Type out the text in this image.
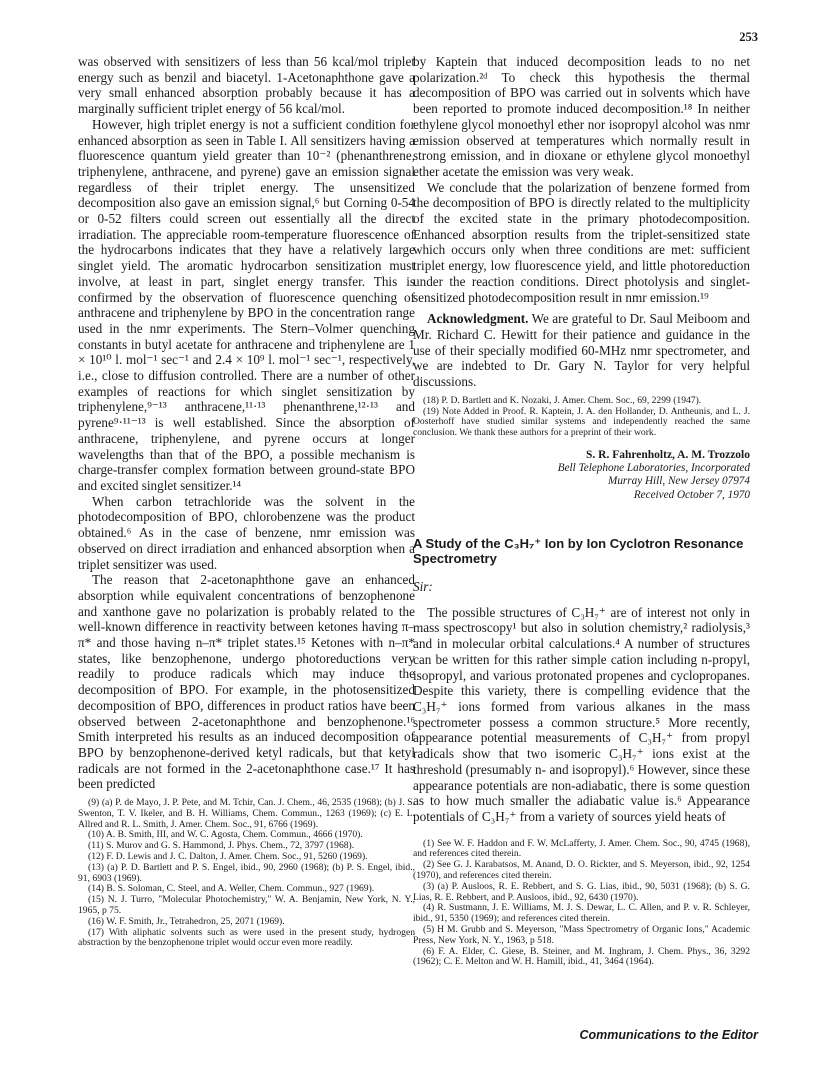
253

was observed with sensitizers of less than 56 kcal/mol triplet energy such as benzil and biacetyl. 1-Acetonaphthone gave a very small enhanced absorption probably because it has a marginally sufficient triplet energy of 56 kcal/mol.

However, high triplet energy is not a sufficient condition for enhanced absorption as seen in Table I. All sensitizers having a fluorescence quantum yield greater than 10⁻² (phenanthrene, triphenylene, anthracene, and pyrene) gave an emission signal regardless of their triplet energy. The unsensitized decomposition also gave an emission signal,⁶ but Corning 0-54 or 0-52 filters could screen out essentially all the direct irradiation. The appreciable room-temperature fluorescence of the hydrocarbons indicates that they have a relatively large singlet yield. The aromatic hydrocarbon sensitization must involve, at least in part, singlet energy transfer. This is confirmed by the observation of fluorescence quenching of anthracene and triphenylene by BPO in the concentration range used in the nmr experiments. The Stern–Volmer quenching constants in butyl acetate for anthracene and triphenylene are 1 × 10¹⁰ l. mol⁻¹ sec⁻¹ and 2.4 × 10⁹ l. mol⁻¹ sec⁻¹, respectively, i.e., close to diffusion controlled. There are a number of other examples of reactions for which singlet sensitization by triphenylene,⁹⁻¹³ anthracene,¹¹·¹³ phenanthrene,¹²·¹³ and pyrene⁹·¹¹⁻¹³ is well established. Since the absorption of anthracene, triphenylene, and pyrene occurs at longer wavelengths than that of the BPO, a possible mechanism is charge-transfer complex formation between ground-state BPO and excited singlet sensitizer.¹⁴

When carbon tetrachloride was the solvent in the photodecomposition of BPO, chlorobenzene was the product obtained.⁶ As in the case of benzene, nmr emission was observed on direct irradiation and enhanced absorption when a triplet sensitizer was used.

The reason that 2-acetonaphthone gave an enhanced absorption while equivalent concentrations of benzophenone and xanthone gave no polarization is probably related to the well-known difference in reactivity between ketones having π–π* and those having n–π* triplet states.¹⁵ Ketones with n–π* states, like benzophenone, undergo photoreductions very readily to produce radicals which may induce the decomposition of BPO. For example, in the photosensitized decomposition of BPO, differences in product ratios have been observed between 2-acetonaphthone and benzophenone.¹⁶ Smith interpreted his results as an induced decomposition of BPO by benzophenone-derived ketyl radicals, but that ketyl radicals are not formed in the 2-acetonaphthone case.¹⁷ It has been predicted

(9) (a) P. de Mayo, J. P. Pete, and M. Tchir, Can. J. Chem., 46, 2535 (1968); (b) J. S. Swenton, T. V. Ikeler, and B. H. Williams, Chem. Commun., 1263 (1969); (c) E. L. Allred and R. L. Smith, J. Amer. Chem. Soc., 91, 6766 (1969).

(10) A. B. Smith, III, and W. C. Agosta, Chem. Commun., 4666 (1970).

(11) S. Murov and G. S. Hammond, J. Phys. Chem., 72, 3797 (1968).

(12) F. D. Lewis and J. C. Dalton, J. Amer. Chem. Soc., 91, 5260 (1969).

(13) (a) P. D. Bartlett and P. S. Engel, ibid., 90, 2960 (1968); (b) P. S. Engel, ibid., 91, 6903 (1969).

(14) B. S. Soloman, C. Steel, and A. Weller, Chem. Commun., 927 (1969).

(15) N. J. Turro, "Molecular Photochemistry," W. A. Benjamin, New York, N. Y., 1965, p 75.

(16) W. F. Smith, Jr., Tetrahedron, 25, 2071 (1969).

(17) With aliphatic solvents such as were used in the present study, hydrogen abstraction by the benzophenone triplet would occur even more readily.

by Kaptein that induced decomposition leads to no net polarization.²ᵈ To check this hypothesis the thermal decomposition of BPO was carried out in solvents which have been reported to promote induced decomposition.¹⁸ In neither ethylene glycol monoethyl ether nor isopropyl alcohol was nmr emission observed at temperatures which normally result in strong emission, and in dioxane or ethylene glycol monoethyl ether acetate the emission was very weak.

We conclude that the polarization of benzene formed from the decomposition of BPO is directly related to the multiplicity of the excited state in the primary photodecomposition. Enhanced absorption results from the triplet-sensitized state which occurs only when three conditions are met: sufficient triplet energy, low fluorescence yield, and little photoreduction under the reaction conditions. Direct photolysis and singlet-sensitized photodecomposition result in nmr emission.¹⁹

Acknowledgment. We are grateful to Dr. Saul Meiboom and Mr. Richard C. Hewitt for their patience and guidance in the use of their specially modified 60-MHz nmr spectrometer, and we are indebted to Dr. Gary N. Taylor for very helpful discussions.

(18) P. D. Bartlett and K. Nozaki, J. Amer. Chem. Soc., 69, 2299 (1947).

(19) Note Added in Proof. R. Kaptein, J. A. den Hollander, D. Antheunis, and L. J. Oosterhoff have studied similar systems and independently reached the same conclusion. We thank these authors for a preprint of their work.

S. R. Fahrenholtz, A. M. Trozzolo
Bell Telephone Laboratories, Incorporated
Murray Hill, New Jersey 07974
Received October 7, 1970
A Study of the C₃H₇⁺ Ion by Ion Cyclotron Resonance Spectrometry
Sir:

The possible structures of C₃H₇⁺ are of interest not only in mass spectroscopy¹ but also in solution chemistry,² radiolysis,³ and in molecular orbital calculations.⁴ A number of structures can be written for this rather simple cation including n-propyl, isopropyl, and various protonated propenes and cyclopropanes. Despite this variety, there is compelling evidence that the C₃H₇⁺ ions formed from various alkanes in the mass spectrometer possess a common structure.⁵ More recently, appearance potential measurements of C₃H₇⁺ from propyl radicals show that two isomeric C₃H₇⁺ ions exist at the threshold (presumably n- and isopropyl).⁶ However, since these appearance potentials are non-adiabatic, there is some question as to how much smaller the adiabatic value is.⁶ Appearance potentials of C₃H₇⁺ from a variety of sources yield heats of

(1) See W. F. Haddon and F. W. McLafferty, J. Amer. Chem. Soc., 90, 4745 (1968), and references cited therein.

(2) See G. J. Karabatsos, M. Anand, D. O. Rickter, and S. Meyerson, ibid., 92, 1254 (1970), and references cited therein.

(3) (a) P. Ausloos, R. E. Rebbert, and S. G. Lias, ibid., 90, 5031 (1968); (b) S. G. Lias, R. E. Rebbert, and P. Ausloos, ibid., 92, 6430 (1970).

(4) R. Sustmann, J. E. Williams, M. J. S. Dewar, L. C. Allen, and P. v. R. Schleyer, ibid., 91, 5350 (1969); and references cited therein.

(5) H M. Grubb and S. Meyerson, "Mass Spectrometry of Organic Ions," Academic Press, New York, N. Y., 1963, p 518.

(6) F. A. Elder, C. Giese, B. Steiner, and M. Inghram, J. Chem. Phys., 36, 3292 (1962); C. E. Melton and W. H. Hamill, ibid., 41, 3464 (1964).

Communications to the Editor
